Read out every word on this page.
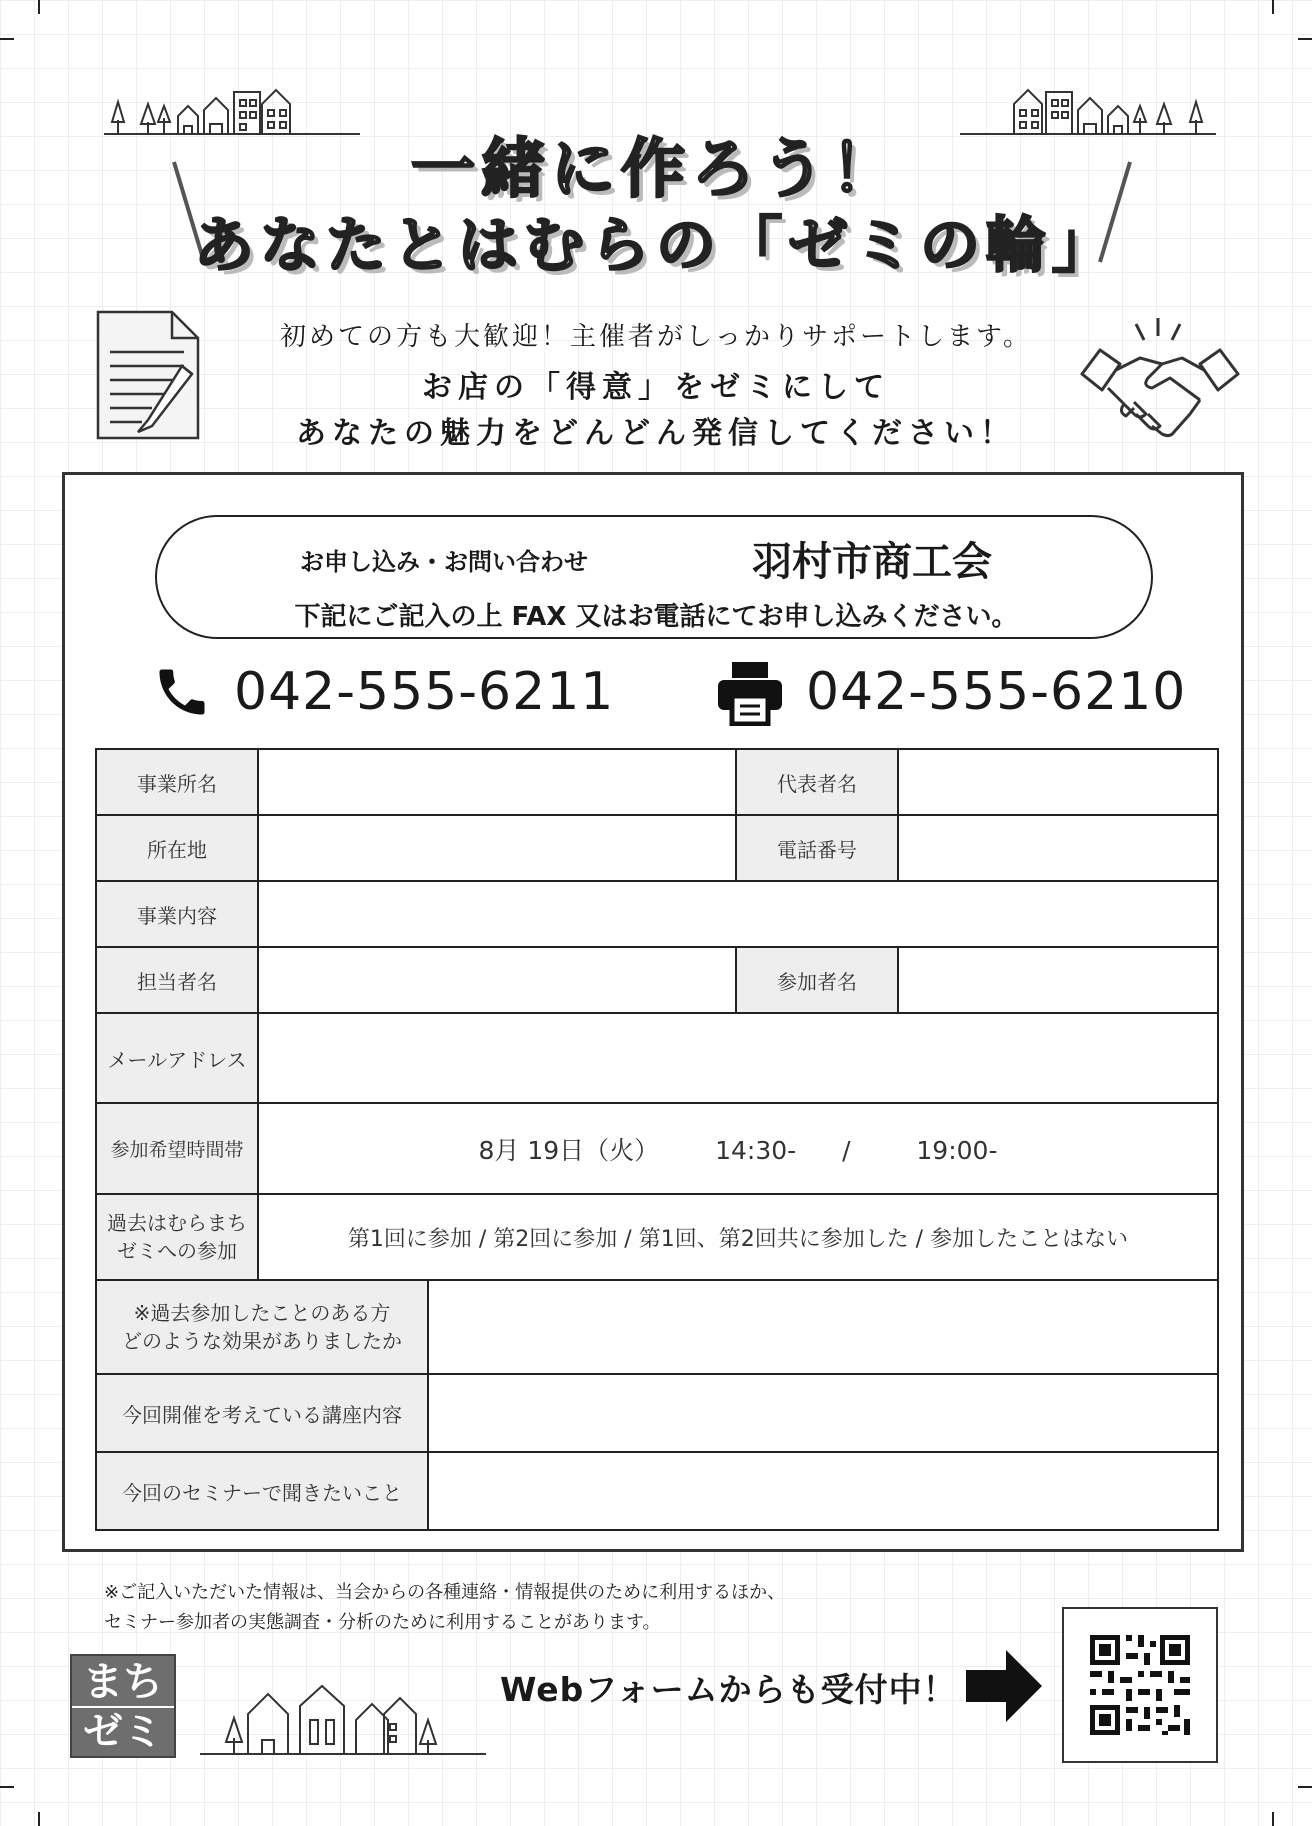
一緒に作ろう！
あなたとはむらの「ゼミの輪」
初めての方も大歓迎！主催者がしっかりサポートします。
お店の「得意」をゼミにして
あなたの魅力をどんどん発信してください！
お申し込み・お問い合わせ	羽村市商工会
下記にご記入の上 FAX 又はお電話にてお申し込みください。
042-555-6211	042-555-6210
事業所名			代表者名	
所在地			電話番号	
事業内容				
担当者名			参加者名	
メールアドレス				
参加希望時間帯	8月 19日（火） 14:30- / 19:00-			

過去はむらまち
ゼミへの参加	第1回に参加 / 第2回に参加 / 第1回、第2回共に参加した / 参加したことはない			

※過去参加したことのある方
どのような効果がありましたか				

今回開催を考えている講座内容				
今回のセミナーで聞きたいこと				
※ご記入いただいた情報は、当会からの各種連絡・情報提供のために利用するほか、
セミナー参加者の実態調査・分析のために利用することがあります。
まち
ゼミ
Webフォームからも受付中！
